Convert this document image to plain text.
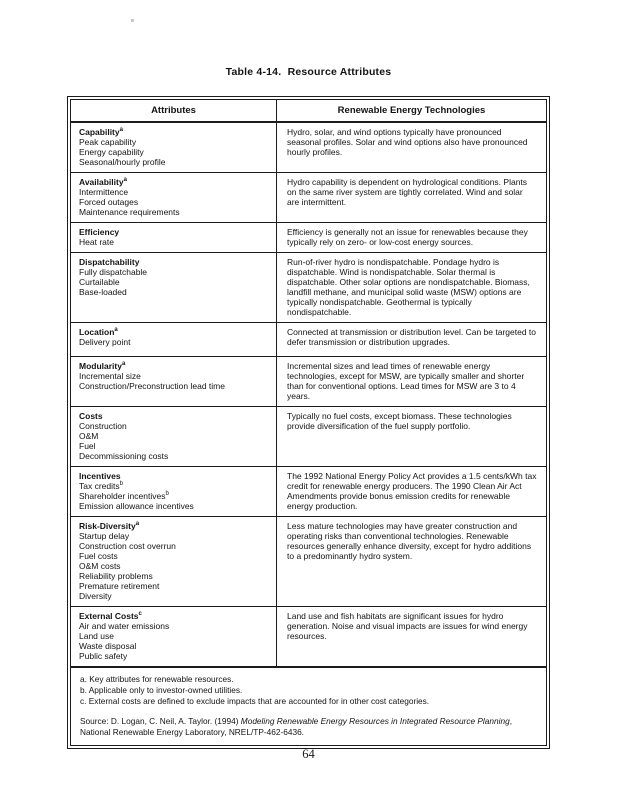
Table 4-14.  Resource Attributes
Attributes	Renewable Energy Technologies
Capability$^a$
Peak capability
Energy capability
Seasonal/hourly profile
Hydro, solar, and wind options typically have pronounced seasonal profiles. Solar and wind options also have pronounced hourly profiles.
Availability$^a$
Intermittence
Forced outages
Maintenance requirements
Hydro capability is dependent on hydrological conditions. Plants on the same river system are tightly correlated. Wind and solar are intermittent.
Efficiency
Heat rate
Efficiency is generally not an issue for renewables because they typically rely on zero- or low-cost energy sources.
Dispatchability
Fully dispatchable
Curtailable
Base-loaded
Run-of-river hydro is nondispatchable. Pondage hydro is dispatchable. Wind is nondispatchable. Solar thermal is dispatchable. Other solar options are nondispatchable. Biomass, landfill methane, and municipal solid waste (MSW) options are typically nondispatchable. Geothermal is typically nondispatchable.
Location$^a$
Delivery point
Connected at transmission or distribution level. Can be targeted to defer transmission or distribution upgrades.
Modularity$^a$
Incremental size
Construction/Preconstruction lead time
Incremental sizes and lead times of renewable energy technologies, except for MSW, are typically smaller and shorter than for conventional options. Lead times for MSW are 3 to 4 years.
Costs
Construction
O&M
Fuel
Decommissioning costs
Typically no fuel costs, except biomass. These technologies provide diversification of the fuel supply portfolio.
Incentives
Tax credits$^b$
Shareholder incentives$^b$
Emission allowance incentives
The 1992 National Energy Policy Act provides a 1.5 cents/kWh tax credit for renewable energy producers. The 1990 Clean Air Act Amendments provide bonus emission credits for renewable energy production.
Risk-Diversity$^a$
Startup delay
Construction cost overrun
Fuel costs
O&M costs
Reliability problems
Premature retirement
Diversity
Less mature technologies may have greater construction and operating risks than conventional technologies. Renewable resources generally enhance diversity, except for hydro additions to a predominantly hydro system.
External Costs$^c$
Air and water emissions
Land use
Waste disposal
Public safety
Land use and fish habitats are significant issues for hydro generation. Noise and visual impacts are issues for wind energy resources.

a. Key attributes for renewable resources.

b. Applicable only to investor-owned utilities.

c. External costs are defined to exclude impacts that are accounted for in other cost categories.

Source: D. Logan, C. Neil, A. Taylor. (1994) Modeling Renewable Energy Resources in Integrated Resource Planning, National Renewable Energy Laboratory, NREL/TP-462-6436.

64
